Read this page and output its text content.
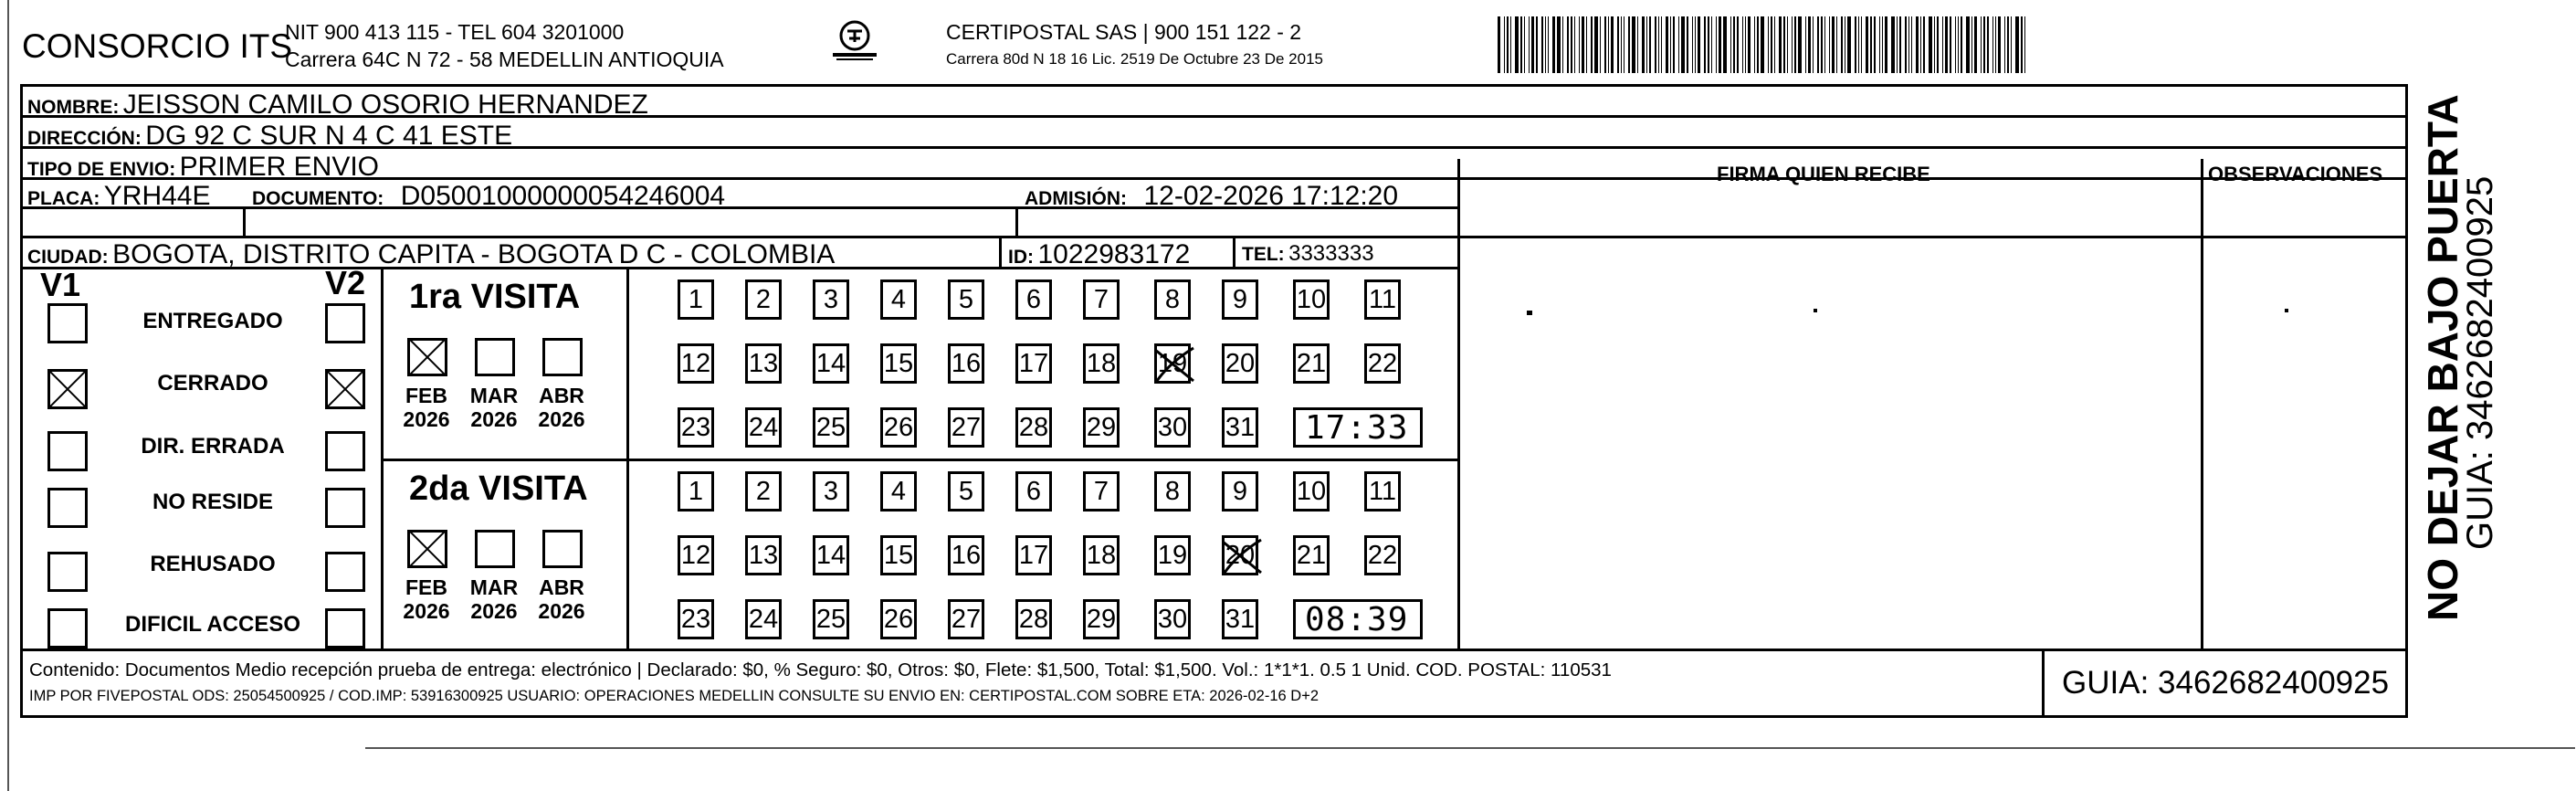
CONSORCIO ITS
NIT 900 413 115 - TEL 604 3201000
Carrera 64C N 72 - 58 MEDELLIN ANTIOQUIA
CERTIPOSTAL SAS | 900 151 122 - 2
Carrera 80d N 18 16 Lic. 2519 De Octubre 23 De 2015
NOMBRE: JEISSON CAMILO OSORIO HERNANDEZ
DIRECCIÓN: DG 92 C SUR N 4 C 41 ESTE
TIPO DE ENVIO: PRIMER ENVIO	FIRMA QUIEN RECIBE	OBSERVACIONES
PLACA: YRH44E DOCUMENTO: D05001000000054246004	ADMISIÓN: 12-02-2026 17:12:20
CIUDAD: BOGOTA, DISTRITO CAPITA - BOGOTA D C - COLOMBIA	ID: 1022983172	TEL: 3333333
V1	V2
ENTREGADO
CERRADO
DIR. ERRADA
NO RESIDE
REHUSADO
DIFICIL ACCESO
1ra VISITA
FEB
2026
MAR
2026
ABR
2026
1	2	3	4	5	6	7	8	9	10 11
12 13 14 15 16 17 18 19 20 21 22
23 24 25 26 27 28 29 30 31 17:33
2da VISITA
FEB
2026
MAR
2026
ABR
2026
1	2	3	4	5	6	7	8	9	10 11
12 13 14 15 16 17 18 19 20 21 22
23 24 25 26 27 28 29 30 31 08:39
Contenido: Documentos Medio recepción prueba de entrega: electrónico | Declarado: $0, % Seguro: $0, Otros: $0, Flete: $1,500, Total: $1,500. Vol.: 1*1*1. 0.5 1 Unid. COD. POSTAL: 110531
IMP POR FIVEPOSTAL ODS: 25054500925 / COD.IMP: 53916300925 USUARIO: OPERACIONES MEDELLIN CONSULTE SU ENVIO EN: CERTIPOSTAL.COM SOBRE ETA: 2026-02-16 D+2	GUIA: 3462682400925
NO DEJAR BAJO PUERTA
GUIA: 3462682400925
